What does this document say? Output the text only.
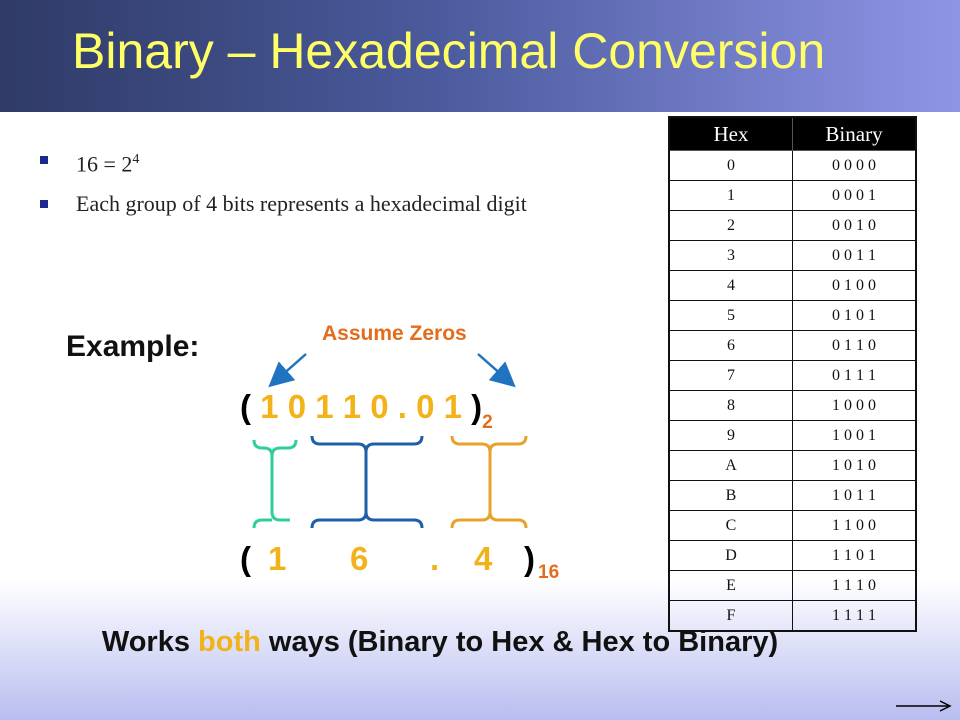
Binary – Hexadecimal Conversion
$16 = 2^4$
Each group of 4 bits represents a hexadecimal digit
Example:	Assume Zeros
( 1 0 1 1 0 . 0 1 )$_2$
( 1 6 . 4 ) 16
Hex	Binary
0	0 0 0 0
1	0 0 0 1
2	0 0 1 0
3	0 0 1 1
4	0 1 0 0
5	0 1 0 1
6	0 1 1 0
7	0 1 1 1
8	1 0 0 0
9	1 0 0 1
A	1 0 1 0
B	1 0 1 1
C	1 1 0 0
D	1 1 0 1
E	1 1 1 0
F	1 1 1 1
Works both ways (Binary to Hex & Hex to Binary)
